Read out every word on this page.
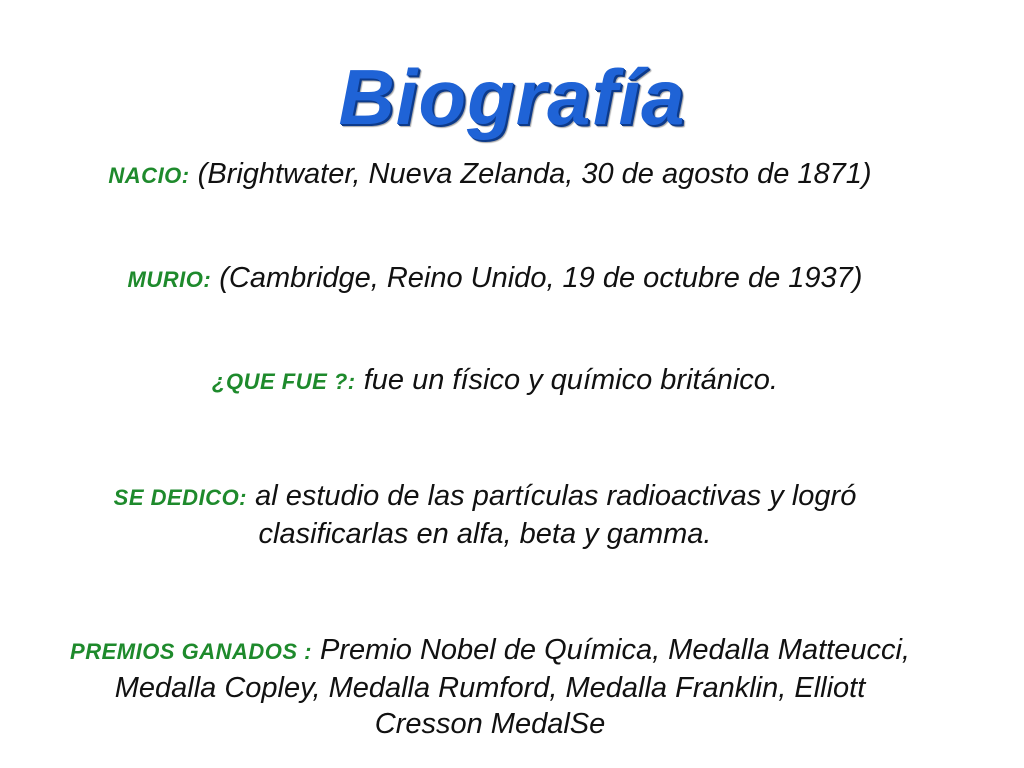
Biografía
NACIO: (Brightwater, Nueva Zelanda, 30 de agosto de 1871)
MURIO: (Cambridge, Reino Unido, 19 de octubre de 1937)
¿QUE FUE ?: fue un físico y químico británico.
SE DEDICO: al estudio de las partículas radioactivas y logró clasificarlas en alfa, beta y gamma.
PREMIOS GANADOS : Premio Nobel de Química, Medalla Matteucci, Medalla Copley, Medalla Rumford, Medalla Franklin, Elliott Cresson MedalSe
